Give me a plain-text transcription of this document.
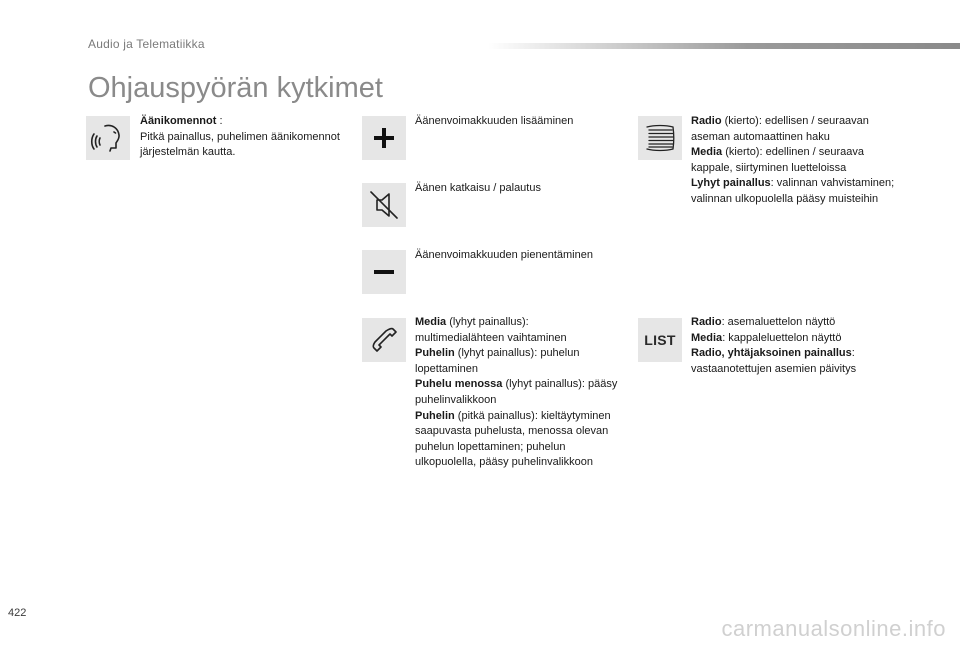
Audio ja Telematiikka
Ohjauspyörän kytkimet
Äänikomennot :
Pitkä painallus, puhelimen äänikomennot järjestelmän kautta.
Äänenvoimakkuuden lisääminen
Äänen katkaisu / palautus
Äänenvoimakkuuden pienentäminen
Media (lyhyt painallus): multimedialähteen vaihtaminen
Puhelin (lyhyt painallus): puhelun lopettaminen
Puhelu menossa (lyhyt painallus): pääsy puhelinvalikkoon
Puhelin (pitkä painallus): kieltäytyminen saapuvasta puhelusta, menossa olevan puhelun lopettaminen; puhelun ulkopuolella, pääsy puhelinvalikkoon
Radio (kierto): edellisen / seuraavan aseman automaattinen haku
Media (kierto): edellinen / seuraava kappale, siirtyminen luetteloissa
Lyhyt painallus: valinnan vahvistaminen; valinnan ulkopuolella pääsy muisteihin
LIST
Radio: asemaluettelon näyttö
Media: kappaleluettelon näyttö
Radio, yhtäjaksoinen painallus: vastaanotettujen asemien päivitys
422
carmanualsonline.info
